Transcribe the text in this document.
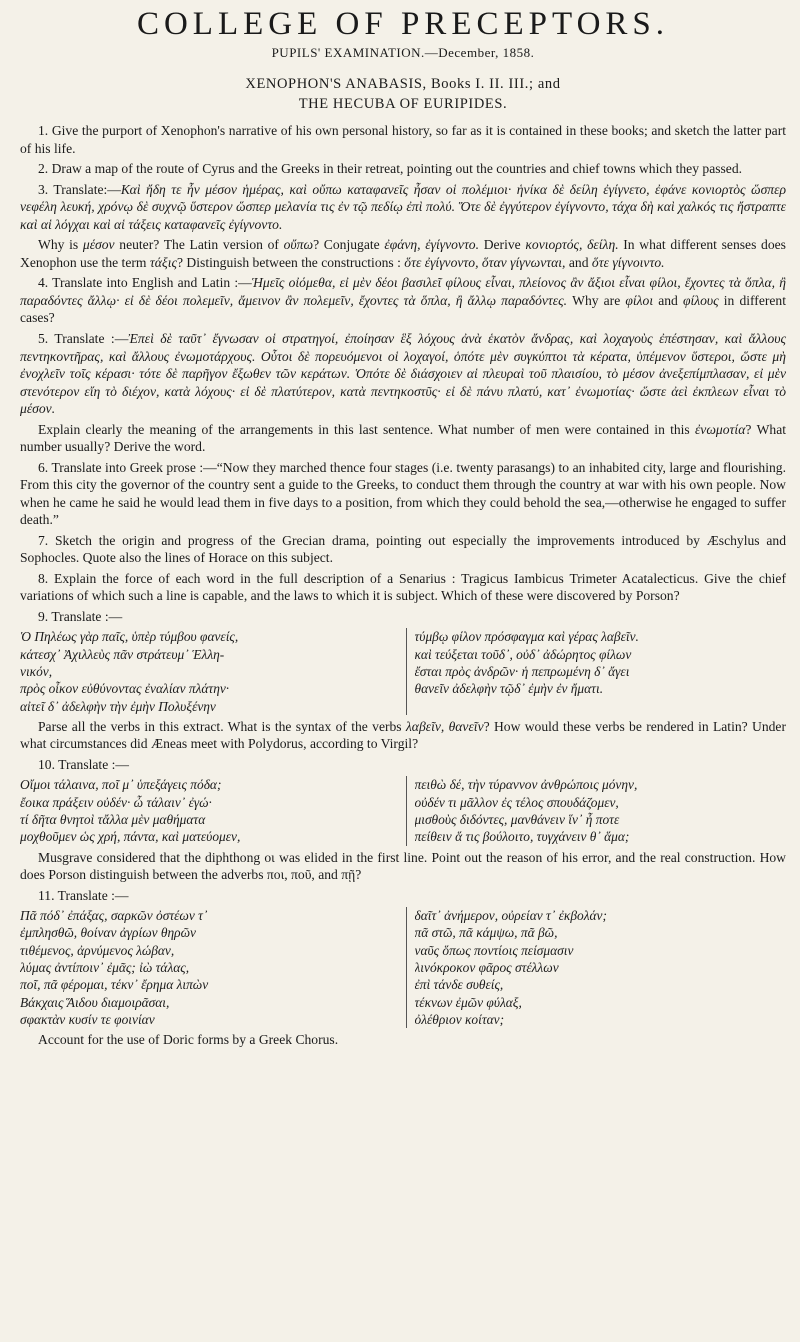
COLLEGE OF PRECEPTORS.
PUPILS' EXAMINATION.—December, 1858.
XENOPHON'S ANABASIS, Books I. II. III.; and
THE HECUBA OF EURIPIDES.

1. Give the purport of Xenophon's narrative of his own personal history, so far as it is contained in these books; and sketch the latter part of his life.

2. Draw a map of the route of Cyrus and the Greeks in their retreat, pointing out the countries and chief towns which they passed.

3. Translate:—Καὶ ἤδη τε ἦν μέσον ἡμέρας, καὶ οὔπω καταφανεῖς ἦσαν οἱ πολέμιοι· ἡνίκα δὲ δείλη ἐγίγνετο, ἐφάνε κονιορτὸς ὥσπερ νεφέλη λευκή, χρόνῳ δὲ συχνῷ ὕστερον ὥσπερ μελανία τις ἐν τῷ πεδίῳ ἐπὶ πολύ. Ὅτε δὲ ἐγγύτερον ἐγίγνοντο, τάχα δὴ καὶ χαλκός τις ἤστραπτε καὶ αἱ λόγχαι καὶ αἱ τάξεις καταφανεῖς ἐγίγνοντο.

Why is μέσον neuter? The Latin version of οὔπω? Conjugate ἐφάνη, ἐγίγνοντο. Derive κονιορτός, δείλη. In what different senses does Xenophon use the term τάξις? Distinguish between the constructions : ὅτε ἐγίγνοντο, ὅταν γίγνωνται, and ὅτε γίγνοιντο.

4. Translate into English and Latin :—Ἡμεῖς οἰόμεθα, εἰ μὲν δέοι βασιλεῖ φίλους εἶναι, πλείονος ἂν ἄξιοι εἶναι φίλοι, ἔχοντες τὰ ὅπλα, ἢ παραδόντες ἄλλῳ· εἰ δὲ δέοι πολεμεῖν, ἄμεινον ἂν πολεμεῖν, ἔχοντες τὰ ὅπλα, ἢ ἄλλῳ παραδόντες. Why are φίλοι and φίλους in different cases?

5. Translate :—Ἐπεὶ δὲ ταῦτ᾽ ἔγνωσαν οἱ στρατηγοί, ἐποίησαν ἓξ λόχους ἀνὰ ἑκατὸν ἄνδρας, καὶ λοχαγοὺς ἐπέστησαν, καὶ ἄλλους πεντηκοντῆρας, καὶ ἄλλους ἐνωμοτάρχους. Οὗτοι δὲ πορευόμενοι οἱ λοχαγοί, ὁπότε μὲν συγκύπτοι τὰ κέρατα, ὑπέμενον ὕστεροι, ὥστε μὴ ἐνοχλεῖν τοῖς κέρασι· τότε δὲ παρῆγον ἔξωθεν τῶν κεράτων. Ὁπότε δὲ διάσχοιεν αἱ πλευραὶ τοῦ πλαισίου, τὸ μέσον ἀνεξεπίμπλασαν, εἰ μὲν στενότερον εἴη τὸ διέχον, κατὰ λόχους· εἰ δὲ πλατύτερον, κατὰ πεντηκοστῦς· εἰ δὲ πάνυ πλατύ, κατ᾽ ἐνωμοτίας· ὥστε ἀεὶ ἐκπλεων εἶναι τὸ μέσον.

Explain clearly the meaning of the arrangements in this last sentence. What number of men were contained in this ἐνωμοτία? What number usually? Derive the word.

6. Translate into Greek prose :—“Now they marched thence four stages (i.e. twenty parasangs) to an inhabited city, large and flourishing. From this city the governor of the country sent a guide to the Greeks, to conduct them through the country at war with his own people. Now when he came he said he would lead them in five days to a position, from which they could behold the sea,—otherwise he engaged to suffer death.”

7. Sketch the origin and progress of the Grecian drama, pointing out especially the improvements introduced by Æschylus and Sophocles. Quote also the lines of Horace on this subject.

8. Explain the force of each word in the full description of a Senarius : Tragicus Iambicus Trimeter Acatalecticus. Give the chief variations of which such a line is capable, and the laws to which it is subject. Which of these were discovered by Porson?

9. Translate :—

Ὁ Πηλέως γὰρ παῖς, ὑπὲρ τύμβου φανείς,
κάτεσχ᾽ Ἀχιλλεὺς πᾶν στράτευμ᾽ Ἑλλη-
νικόν,
πρὸς οἶκον εὐθύνοντας ἐναλίαν πλάτην·
αἰτεῖ δ᾽ ἀδελφὴν τὴν ἐμὴν Πολυξένην
τύμβῳ φίλον πρόσφαγμα καὶ γέρας λαβεῖν.
καὶ τεύξεται τοῦδ᾽, οὐδ᾽ ἀδώρητος φίλων
ἔσται πρὸς ἀνδρῶν· ἡ πεπρωμένη δ᾽ ἄγει
θανεῖν ἀδελφὴν τῷδ᾽ ἐμὴν ἐν ἤματι.

Parse all the verbs in this extract. What is the syntax of the verbs λαβεῖν, θανεῖν? How would these verbs be rendered in Latin? Under what circumstances did Æneas meet with Polydorus, according to Virgil?

10. Translate :—

Οἴμοι τάλαινα, ποῖ μ᾽ ὑπεξάγεις πόδα;
ἔοικα πράξειν οὐδέν· ὦ τάλαιν᾽ ἐγώ·
τί δῆτα θνητοὶ τἄλλα μὲν μαθήματα
μοχθοῦμεν ὡς χρή, πάντα, καὶ ματεύομεν,
πειθὼ δέ, τὴν τύραννον ἀνθρώποις μόνην,
οὐδέν τι μᾶλλον ἐς τέλος σπουδάζομεν,
μισθοὺς διδόντες, μανθάνειν ἵν᾽ ἦ ποτε
πείθειν ἅ τις βούλοιτο, τυγχάνειν θ᾽ ἅμα;

Musgrave considered that the diphthong οι was elided in the first line. Point out the reason of his error, and the real construction. How does Porson distinguish between the adverbs ποι, ποῦ, and πῇ?

11. Translate :—

Πᾶ πόδ᾽ ἐπάξας, σαρκῶν ὀστέων τ᾽
ἐμπλησθῶ, θοίναν ἀγρίων θηρῶν
τιθέμενος, ἀρνύμενος λώβαν,
λύμας ἀντίποιν᾽ ἐμᾶς; ἰὼ τάλας,
ποῖ, πᾶ φέρομαι, τέκν᾽ ἔρημα λιπὼν
Βάκχαις Ἅιδου διαμοιρᾶσαι,
σφακτὰν κυσίν τε φοινίαν
δαῖτ᾽ ἀνήμερον, οὐρείαν τ᾽ ἐκβολάν;
πᾶ στῶ, πᾶ κάμψω, πᾶ βῶ,
ναῦς ὅπως ποντίοις πείσμασιν
λινόκροκον φᾶρος στέλλων
ἐπὶ τάνδε συθείς,
τέκνων ἐμῶν φύλαξ,
ὀλέθριον κοίταν;

Account for the use of Doric forms by a Greek Chorus.
